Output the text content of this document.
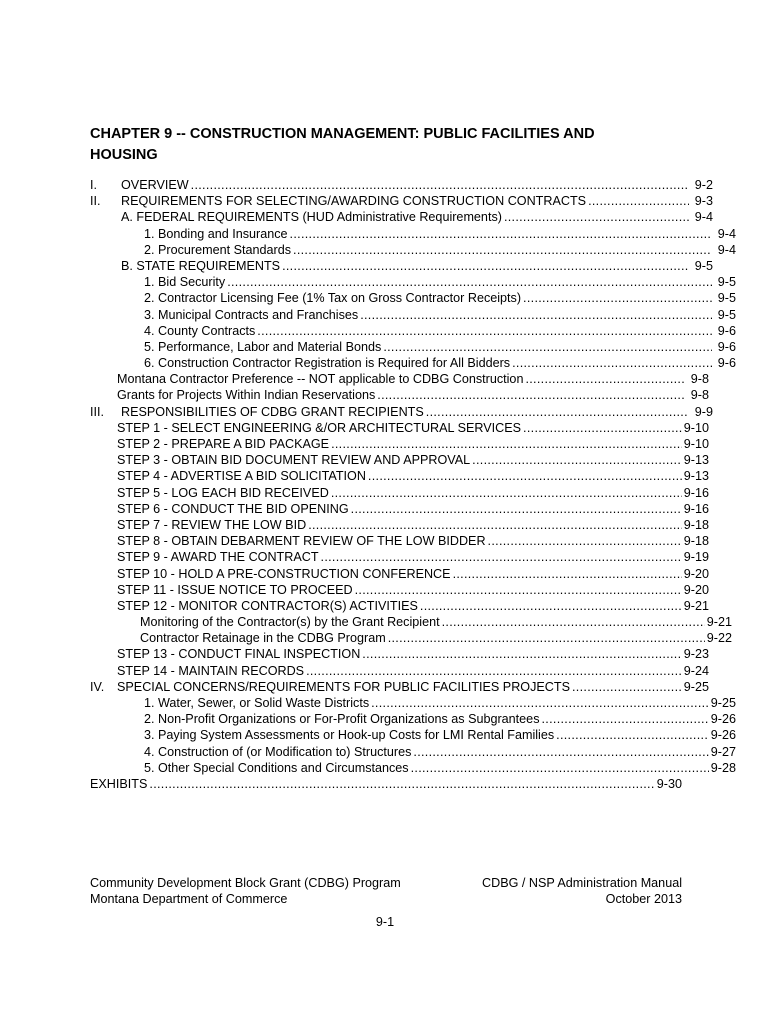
CHAPTER 9 -- CONSTRUCTION MANAGEMENT: PUBLIC FACILITIES AND HOUSING
I. OVERVIEW .....	9-2
II. REQUIREMENTS FOR SELECTING/AWARDING CONSTRUCTION CONTRACTS .....	9-3
A. FEDERAL REQUIREMENTS (HUD Administrative Requirements) .....	9-4
1. Bonding and Insurance .....	9-4
2. Procurement Standards .....	9-4
B. STATE REQUIREMENTS .....	9-5
1. Bid Security .....	9-5
2. Contractor Licensing Fee (1% Tax on Gross Contractor Receipts) .....	9-5
3. Municipal Contracts and Franchises .....	9-5
4. County Contracts .....	9-6
5. Performance, Labor and Material Bonds .....	9-6
6. Construction Contractor Registration is Required for All Bidders .....	9-6
Montana Contractor Preference -- NOT applicable to CDBG Construction .....	9-8
Grants for Projects Within Indian Reservations .....	9-8
III. RESPONSIBILITIES OF CDBG GRANT RECIPIENTS .....	9-9
STEP 1 - SELECT ENGINEERING &/OR ARCHITECTURAL SERVICES .....	9-10
STEP 2 - PREPARE A BID PACKAGE .....	9-10
STEP 3 - OBTAIN BID DOCUMENT REVIEW AND APPROVAL .....	9-13
STEP 4 - ADVERTISE A BID SOLICITATION .....	9-13
STEP 5 - LOG EACH BID RECEIVED .....	9-16
STEP 6 - CONDUCT THE BID OPENING .....	9-16
STEP 7 - REVIEW THE LOW BID .....	9-18
STEP 8 - OBTAIN DEBARMENT REVIEW OF THE LOW BIDDER .....	9-18
STEP 9 - AWARD THE CONTRACT .....	9-19
STEP 10 - HOLD A PRE-CONSTRUCTION CONFERENCE .....	9-20
STEP 11 - ISSUE NOTICE TO PROCEED .....	9-20
STEP 12 - MONITOR CONTRACTOR(S) ACTIVITIES .....	9-21
Monitoring of the Contractor(s) by the Grant Recipient .....	9-21
Contractor Retainage in the CDBG Program .....	9-22
STEP 13 - CONDUCT FINAL INSPECTION .....	9-23
STEP 14 - MAINTAIN RECORDS .....	9-24
IV. SPECIAL CONCERNS/REQUIREMENTS FOR PUBLIC FACILITIES PROJECTS .....	9-25
1. Water, Sewer, or Solid Waste Districts .....	9-25
2. Non-Profit Organizations or For-Profit Organizations as Subgrantees .....	9-26
3. Paying System Assessments or Hook-up Costs for LMI Rental Families .....	9-26
4. Construction of (or Modification to) Structures .....	9-27
5. Other Special Conditions and Circumstances .....	9-28
EXHIBITS .....	9-30
Community Development Block Grant (CDBG) Program
Montana Department of Commerce
CDBG / NSP Administration Manual
October 2013
9-1
